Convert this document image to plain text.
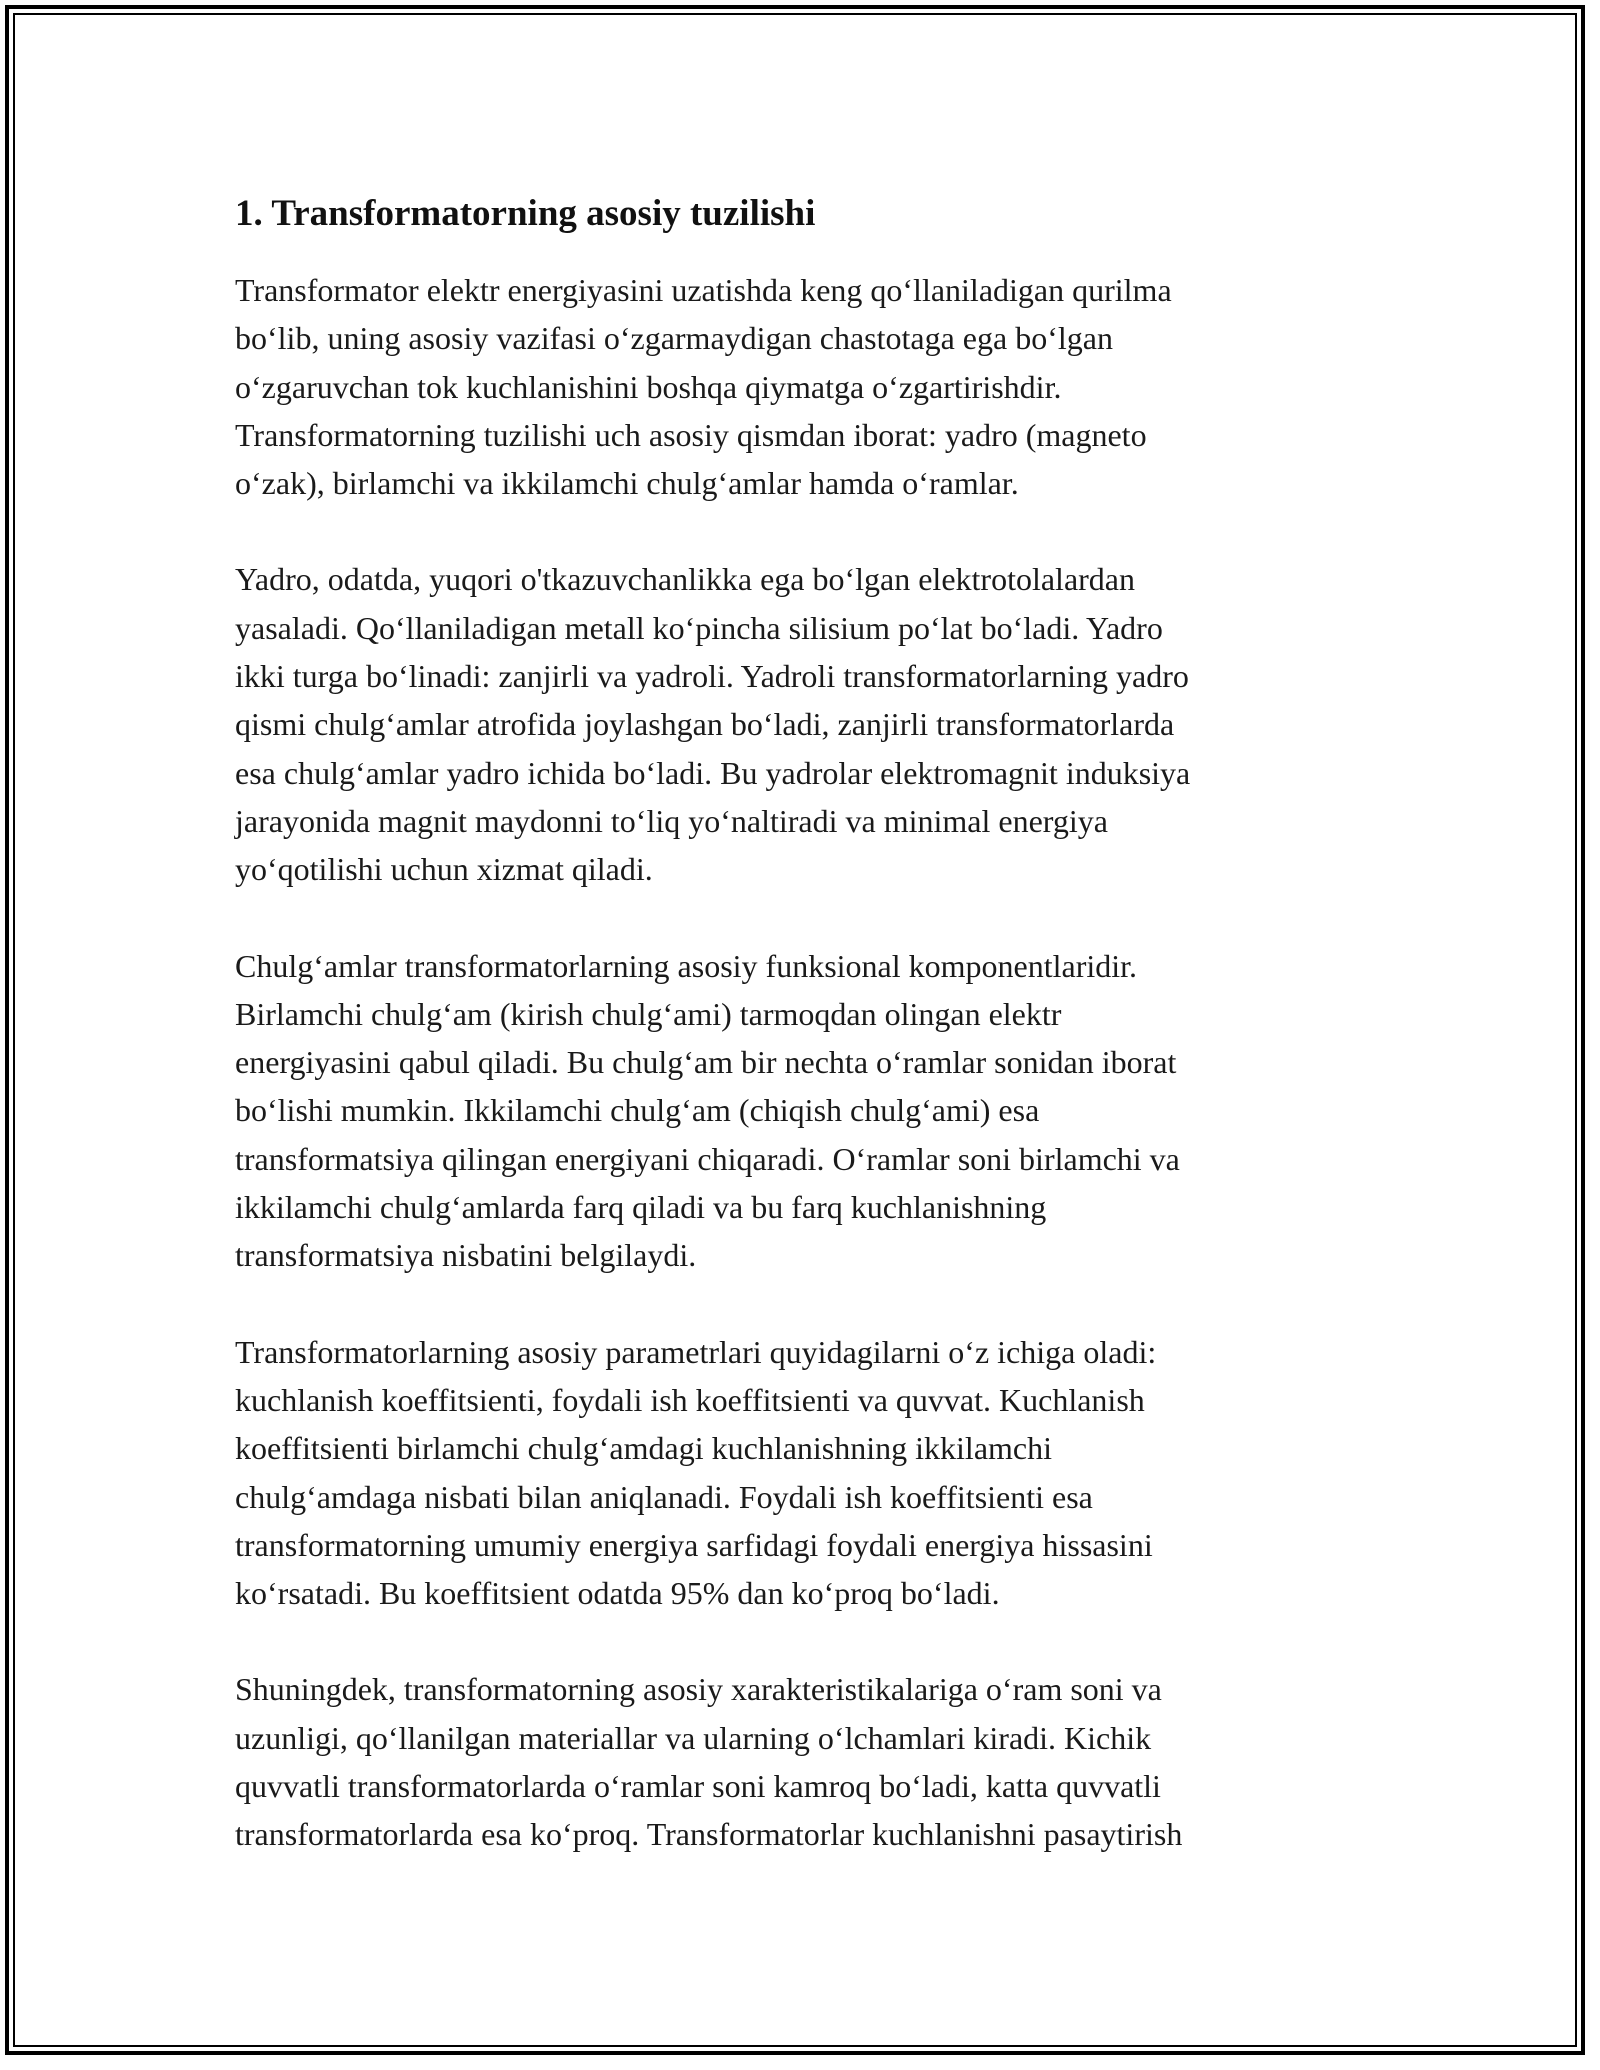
1. Transformatorning asosiy tuzilishi

Transformator elektr energiyasini uzatishda keng qoʻllaniladigan qurilma
boʻlib, uning asosiy vazifasi oʻzgarmaydigan chastotaga ega boʻlgan
oʻzgaruvchan tok kuchlanishini boshqa qiymatga oʻzgartirishdir.
Transformatorning tuzilishi uch asosiy qismdan iborat: yadro (magneto
oʻzak), birlamchi va ikkilamchi chulgʻamlar hamda oʻramlar.

Yadro, odatda, yuqori o'tkazuvchanlikka ega boʻlgan elektrotolalardan
yasaladi. Qoʻllaniladigan metall koʻpincha silisium poʻlat boʻladi. Yadro
ikki turga boʻlinadi: zanjirli va yadroli. Yadroli transformatorlarning yadro
qismi chulgʻamlar atrofida joylashgan boʻladi, zanjirli transformatorlarda
esa chulgʻamlar yadro ichida boʻladi. Bu yadrolar elektromagnit induksiya
jarayonida magnit maydonni toʻliq yoʻnaltiradi va minimal energiya
yoʻqotilishi uchun xizmat qiladi.

Chulgʻamlar transformatorlarning asosiy funksional komponentlaridir.
Birlamchi chulgʻam (kirish chulgʻami) tarmoqdan olingan elektr
energiyasini qabul qiladi. Bu chulgʻam bir nechta oʻramlar sonidan iborat
boʻlishi mumkin. Ikkilamchi chulgʻam (chiqish chulgʻami) esa
transformatsiya qilingan energiyani chiqaradi. Oʻramlar soni birlamchi va
ikkilamchi chulgʻamlarda farq qiladi va bu farq kuchlanishning
transformatsiya nisbatini belgilaydi.

Transformatorlarning asosiy parametrlari quyidagilarni oʻz ichiga oladi:
kuchlanish koeffitsienti, foydali ish koeffitsienti va quvvat. Kuchlanish
koeffitsienti birlamchi chulgʻamdagi kuchlanishning ikkilamchi
chulgʻamdaga nisbati bilan aniqlanadi. Foydali ish koeffitsienti esa
transformatorning umumiy energiya sarfidagi foydali energiya hissasini
koʻrsatadi. Bu koeffitsient odatda 95% dan koʻproq boʻladi.

Shuningdek, transformatorning asosiy xarakteristikalariga oʻram soni va
uzunligi, qoʻllanilgan materiallar va ularning oʻlchamlari kiradi. Kichik
quvvatli transformatorlarda oʻramlar soni kamroq boʻladi, katta quvvatli
transformatorlarda esa koʻproq. Transformatorlar kuchlanishni pasaytirish
